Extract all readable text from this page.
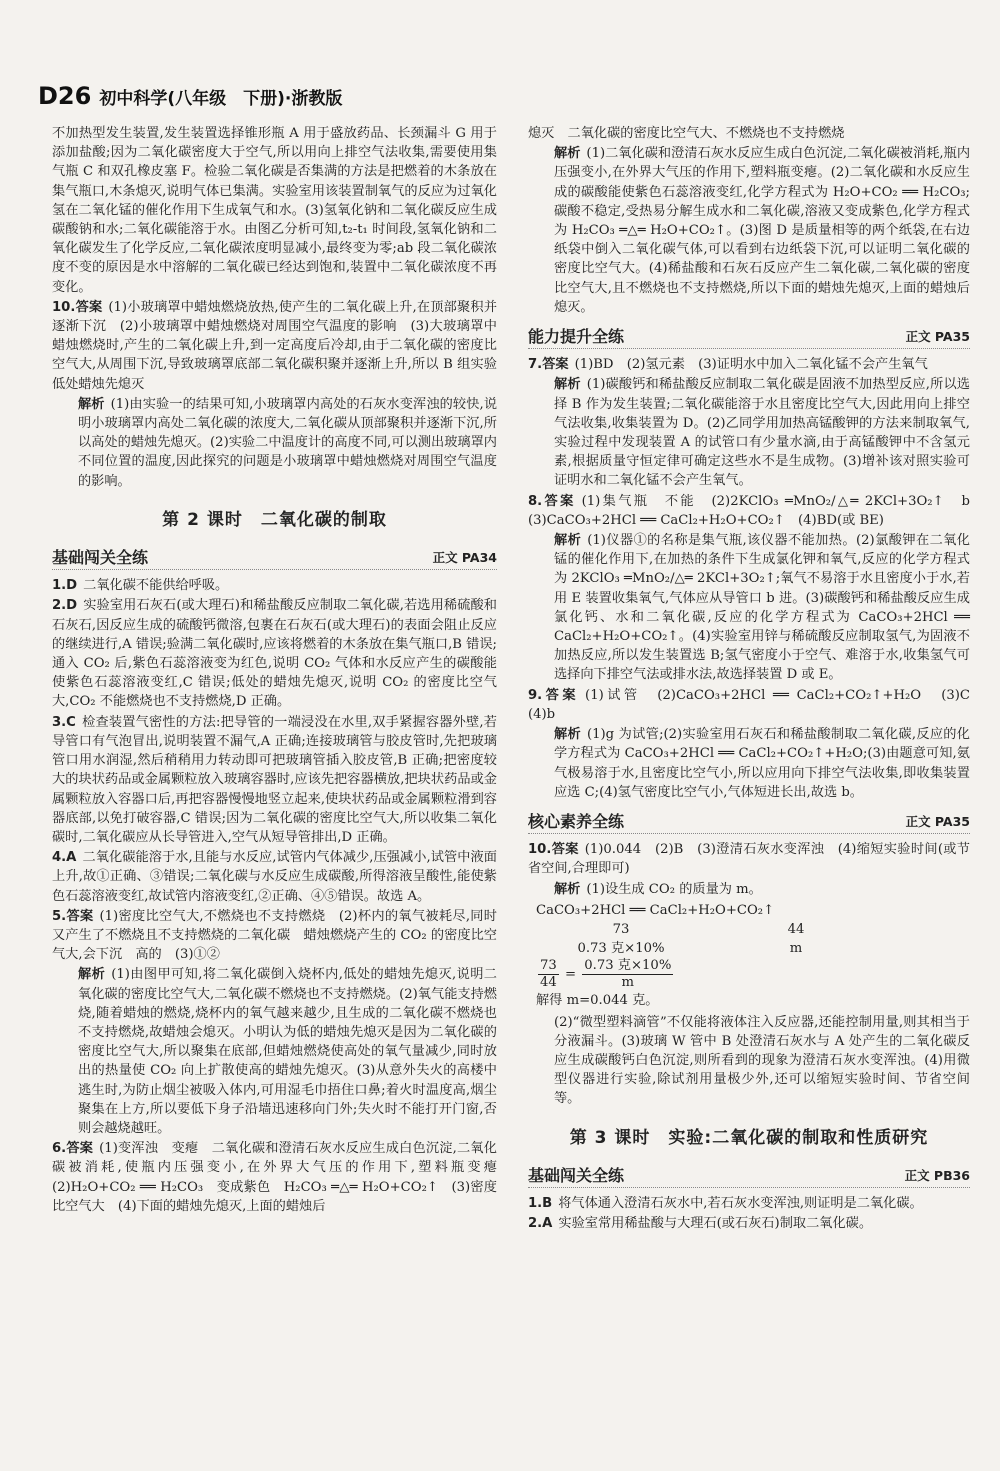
D26 初中科学(八年级　下册)·浙教版

不加热型发生装置,发生装置选择锥形瓶 A 用于盛放药品、长颈漏斗 G 用于添加盐酸;因为二氧化碳密度大于空气,所以用向上排空气法收集,需要使用集气瓶 C 和双孔橡皮塞 F。检验二氧化碳是否集满的方法是把燃着的木条放在集气瓶口,木条熄灭,说明气体已集满。实验室用该装置制氧气的反应为过氧化氢在二氧化锰的催化作用下生成氧气和水。(3)氢氧化钠和二氧化碳反应生成碳酸钠和水;二氧化碳能溶于水。由图乙分析可知,t₂-t₁ 时间段,氢氧化钠和二氧化碳发生了化学反应,二氧化碳浓度明显减小,最终变为零;ab 段二氧化碳浓度不变的原因是水中溶解的二氧化碳已经达到饱和,装置中二氧化碳浓度不再变化。

10.答案 (1)小玻璃罩中蜡烛燃烧放热,使产生的二氧化碳上升,在顶部聚积并逐渐下沉　(2)小玻璃罩中蜡烛燃烧对周围空气温度的影响　(3)大玻璃罩中蜡烛燃烧时,产生的二氧化碳上升,到一定高度后冷却,由于二氧化碳的密度比空气大,从周围下沉,导致玻璃罩底部二氧化碳积聚并逐渐上升,所以 B 组实验低处蜡烛先熄灭

解析 (1)由实验一的结果可知,小玻璃罩内高处的石灰水变浑浊的较快,说明小玻璃罩内高处二氧化碳的浓度大,二氧化碳从顶部聚积并逐渐下沉,所以高处的蜡烛先熄灭。(2)实验二中温度计的高度不同,可以测出玻璃罩内不同位置的温度,因此探究的问题是小玻璃罩中蜡烛燃烧对周围空气温度的影响。

第 2 课时　二氧化碳的制取
基础闯关全练	正文 PA34

1.D 二氧化碳不能供给呼吸。

2.D 实验室用石灰石(或大理石)和稀盐酸反应制取二氧化碳,若选用稀硫酸和石灰石,因反应生成的硫酸钙微溶,包裹在石灰石(或大理石)的表面会阻止反应的继续进行,A 错误;验满二氧化碳时,应该将燃着的木条放在集气瓶口,B 错误;通入 CO₂ 后,紫色石蕊溶液变为红色,说明 CO₂ 气体和水反应产生的碳酸能使紫色石蕊溶液变红,C 错误;低处的蜡烛先熄灭,说明 CO₂ 的密度比空气大,CO₂ 不能燃烧也不支持燃烧,D 正确。

3.C 检查装置气密性的方法:把导管的一端浸没在水里,双手紧握容器外壁,若导管口有气泡冒出,说明装置不漏气,A 正确;连接玻璃管与胶皮管时,先把玻璃管口用水润湿,然后稍稍用力转动即可把玻璃管插入胶皮管,B 正确;把密度较大的块状药品或金属颗粒放入玻璃容器时,应该先把容器横放,把块状药品或金属颗粒放入容器口后,再把容器慢慢地竖立起来,使块状药品或金属颗粒滑到容器底部,以免打破容器,C 错误;因为二氧化碳的密度比空气大,所以收集二氧化碳时,二氧化碳应从长导管进入,空气从短导管排出,D 正确。

4.A 二氧化碳能溶于水,且能与水反应,试管内气体减少,压强减小,试管中液面上升,故①正确、③错误;二氧化碳与水反应生成碳酸,所得溶液呈酸性,能使紫色石蕊溶液变红,故试管内溶液变红,②正确、④⑤错误。故选 A。

5.答案 (1)密度比空气大,不燃烧也不支持燃烧　(2)杯内的氧气被耗尽,同时又产生了不燃烧且不支持燃烧的二氧化碳　蜡烛燃烧产生的 CO₂ 的密度比空气大,会下沉　高的　(3)①②

解析 (1)由图甲可知,将二氧化碳倒入烧杯内,低处的蜡烛先熄灭,说明二氧化碳的密度比空气大,二氧化碳不燃烧也不支持燃烧。(2)氧气能支持燃烧,随着蜡烛的燃烧,烧杯内的氧气越来越少,且生成的二氧化碳不燃烧也不支持燃烧,故蜡烛会熄灭。小明认为低的蜡烛先熄灭是因为二氧化碳的密度比空气大,所以聚集在底部,但蜡烛燃烧使高处的氧气量减少,同时放出的热量使 CO₂ 向上扩散使高的蜡烛先熄灭。(3)从意外失火的高楼中逃生时,为防止烟尘被吸入体内,可用湿毛巾捂住口鼻;着火时温度高,烟尘聚集在上方,所以要低下身子沿墙迅速移向门外;失火时不能打开门窗,否则会越烧越旺。

6.答案 (1)变浑浊　变瘪　二氧化碳和澄清石灰水反应生成白色沉淀,二氧化碳被消耗,使瓶内压强变小,在外界大气压的作用下,塑料瓶变瘪　(2)H₂O+CO₂ ══ H₂CO₃　变成紫色　H₂CO₃ ═△═ H₂O+CO₂↑　(3)密度比空气大　(4)下面的蜡烛先熄灭,上面的蜡烛后

熄灭　二氧化碳的密度比空气大、不燃烧也不支持燃烧

解析 (1)二氧化碳和澄清石灰水反应生成白色沉淀,二氧化碳被消耗,瓶内压强变小,在外界大气压的作用下,塑料瓶变瘪。(2)二氧化碳和水反应生成的碳酸能使紫色石蕊溶液变红,化学方程式为 H₂O+CO₂ ══ H₂CO₃;碳酸不稳定,受热易分解生成水和二氧化碳,溶液又变成紫色,化学方程式为 H₂CO₃ ═△═ H₂O+CO₂↑。(3)图 D 是质量相等的两个纸袋,在右边纸袋中倒入二氧化碳气体,可以看到右边纸袋下沉,可以证明二氧化碳的密度比空气大。(4)稀盐酸和石灰石反应产生二氧化碳,二氧化碳的密度比空气大,且不燃烧也不支持燃烧,所以下面的蜡烛先熄灭,上面的蜡烛后熄灭。

能力提升全练	正文 PA35

7.答案 (1)BD　(2)氢元素　(3)证明水中加入二氧化锰不会产生氧气

解析 (1)碳酸钙和稀盐酸反应制取二氧化碳是固液不加热型反应,所以选择 B 作为发生装置;二氧化碳能溶于水且密度比空气大,因此用向上排空气法收集,收集装置为 D。(2)乙同学用加热高锰酸钾的方法来制取氧气,实验过程中发现装置 A 的试管口有少量水滴,由于高锰酸钾中不含氢元素,根据质量守恒定律可确定这些水不是生成物。(3)增补该对照实验可证明水和二氧化锰不会产生氧气。

8.答案 (1)集气瓶　不能　(2)2KClO₃ ═MnO₂/△═ 2KCl+3O₂↑　b　(3)CaCO₃+2HCl ══ CaCl₂+H₂O+CO₂↑　(4)BD(或 BE)

解析 (1)仪器①的名称是集气瓶,该仪器不能加热。(2)氯酸钾在二氧化锰的催化作用下,在加热的条件下生成氯化钾和氧气,反应的化学方程式为 2KClO₃ ═MnO₂/△═ 2KCl+3O₂↑;氧气不易溶于水且密度小于水,若用 E 装置收集氧气,气体应从导管口 b 进。(3)碳酸钙和稀盐酸反应生成氯化钙、水和二氧化碳,反应的化学方程式为 CaCO₃+2HCl ══ CaCl₂+H₂O+CO₂↑。(4)实验室用锌与稀硫酸反应制取氢气,为固液不加热反应,所以发生装置选 B;氢气密度小于空气、难溶于水,收集氢气可选择向下排空气法或排水法,故选择装置 D 或 E。

9.答案 (1)试管　(2)CaCO₃+2HCl ══ CaCl₂+CO₂↑+H₂O　(3)C　(4)b

解析 (1)g 为试管;(2)实验室用石灰石和稀盐酸制取二氧化碳,反应的化学方程式为 CaCO₃+2HCl ══ CaCl₂+CO₂↑+H₂O;(3)由题意可知,氨气极易溶于水,且密度比空气小,所以应用向下排空气法收集,即收集装置应选 C;(4)氢气密度比空气小,气体短进长出,故选 b。

核心素养全练	正文 PA35

10.答案 (1)0.044　(2)B　(3)澄清石灰水变浑浊　(4)缩短实验时间(或节省空间,合理即可)

解析 (1)设生成 CO₂ 的质量为 m。

CaCO₃+2HCl ══ CaCl₂+H₂O+CO₂↑
73	44
0.73 克×10%	m
$\frac{73}{44} = \frac{\text{0.73 克×10\%}}{m}$
解得 m=0.044 克。

(2)“微型塑料滴管”不仅能将液体注入反应器,还能控制用量,则其相当于分液漏斗。(3)玻璃 W 管中 B 处澄清石灰水与 A 处产生的二氧化碳反应生成碳酸钙白色沉淀,则所看到的现象为澄清石灰水变浑浊。(4)用微型仪器进行实验,除试剂用量极少外,还可以缩短实验时间、节省空间等。

第 3 课时　实验:二氧化碳的制取和性质研究
基础闯关全练	正文 PB36

1.B 将气体通入澄清石灰水中,若石灰水变浑浊,则证明是二氧化碳。

2.A 实验室常用稀盐酸与大理石(或石灰石)制取二氧化碳。
